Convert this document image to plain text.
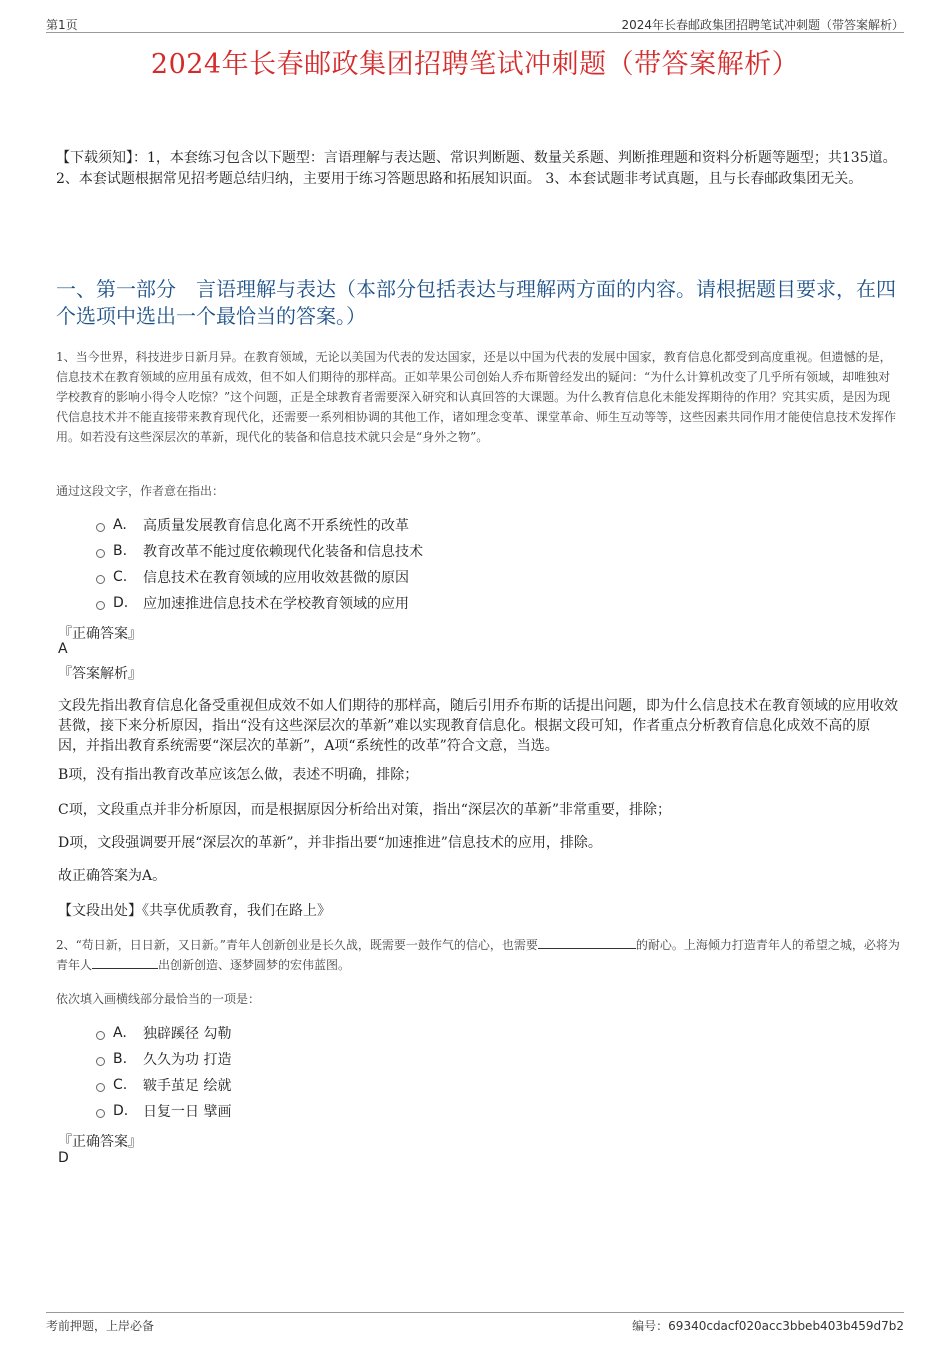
第1页	2024年长春邮政集团招聘笔试冲刺题（带答案解析）
2024年长春邮政集团招聘笔试冲刺题（带答案解析）
【下载须知】：1，本套练习包含以下题型：言语理解与表达题、常识判断题、数量关系题、判断推理题和资料分析题等题型；共135道。 2、本套试题根据常见招考题总结归纳，主要用于练习答题思路和拓展知识面。 3、本套试题非考试真题，且与长春邮政集团无关。
一、第一部分　言语理解与表达（本部分包括表达与理解两方面的内容。请根据题目要求，在四个选项中选出一个最恰当的答案。）
1、当今世界，科技进步日新月异。在教育领域，无论以美国为代表的发达国家，还是以中国为代表的发展中国家，教育信息化都受到高度重视。但遗憾的是，信息技术在教育领域的应用虽有成效，但不如人们期待的那样高。正如苹果公司创始人乔布斯曾经发出的疑问：“为什么计算机改变了几乎所有领域，却唯独对学校教育的影响小得令人吃惊？”这个问题，正是全球教育者需要深入研究和认真回答的大课题。为什么教育信息化未能发挥期待的作用？究其实质，是因为现代信息技术并不能直接带来教育现代化，还需要一系列相协调的其他工作，诸如理念变革、课堂革命、师生互动等等，这些因素共同作用才能使信息技术发挥作用。如若没有这些深层次的革新，现代化的装备和信息技术就只会是“身外之物”。
通过这段文字，作者意在指出：
A.	高质量发展教育信息化离不开系统性的改革
B.	教育改革不能过度依赖现代化装备和信息技术
C.	信息技术在教育领域的应用收效甚微的原因
D.	应加速推进信息技术在学校教育领域的应用
『正确答案』
A
『答案解析』
文段先指出教育信息化备受重视但成效不如人们期待的那样高，随后引用乔布斯的话提出问题，即为什么信息技术在教育领域的应用收效甚微，接下来分析原因，指出“没有这些深层次的革新”难以实现教育信息化。根据文段可知，作者重点分析教育信息化成效不高的原因，并指出教育系统需要“深层次的革新”，A项“系统性的改革”符合文意，当选。
B项，没有指出教育改革应该怎么做，表述不明确，排除；
C项，文段重点并非分析原因，而是根据原因分析给出对策，指出“深层次的革新”非常重要，排除；
D项，文段强调要开展“深层次的革新”，并非指出要“加速推进”信息技术的应用，排除。
故正确答案为A。
【文段出处】《共享优质教育，我们在路上》
2、“苟日新，日日新，又日新。”青年人创新创业是长久战，既需要一鼓作气的信心，也需要	的耐心。上海倾力打造青年人的希望之城，必将为青年人	出创新创造、逐梦圆梦的宏伟蓝图。
依次填入画横线部分最恰当的一项是：
A.	独辟蹊径 勾勒
B.	久久为功 打造
C.	皲手茧足 绘就
D.	日复一日 擘画
『正确答案』
D
考前押题，上岸必备	编号：69340cdacf020acc3bbeb403b459d7b2
